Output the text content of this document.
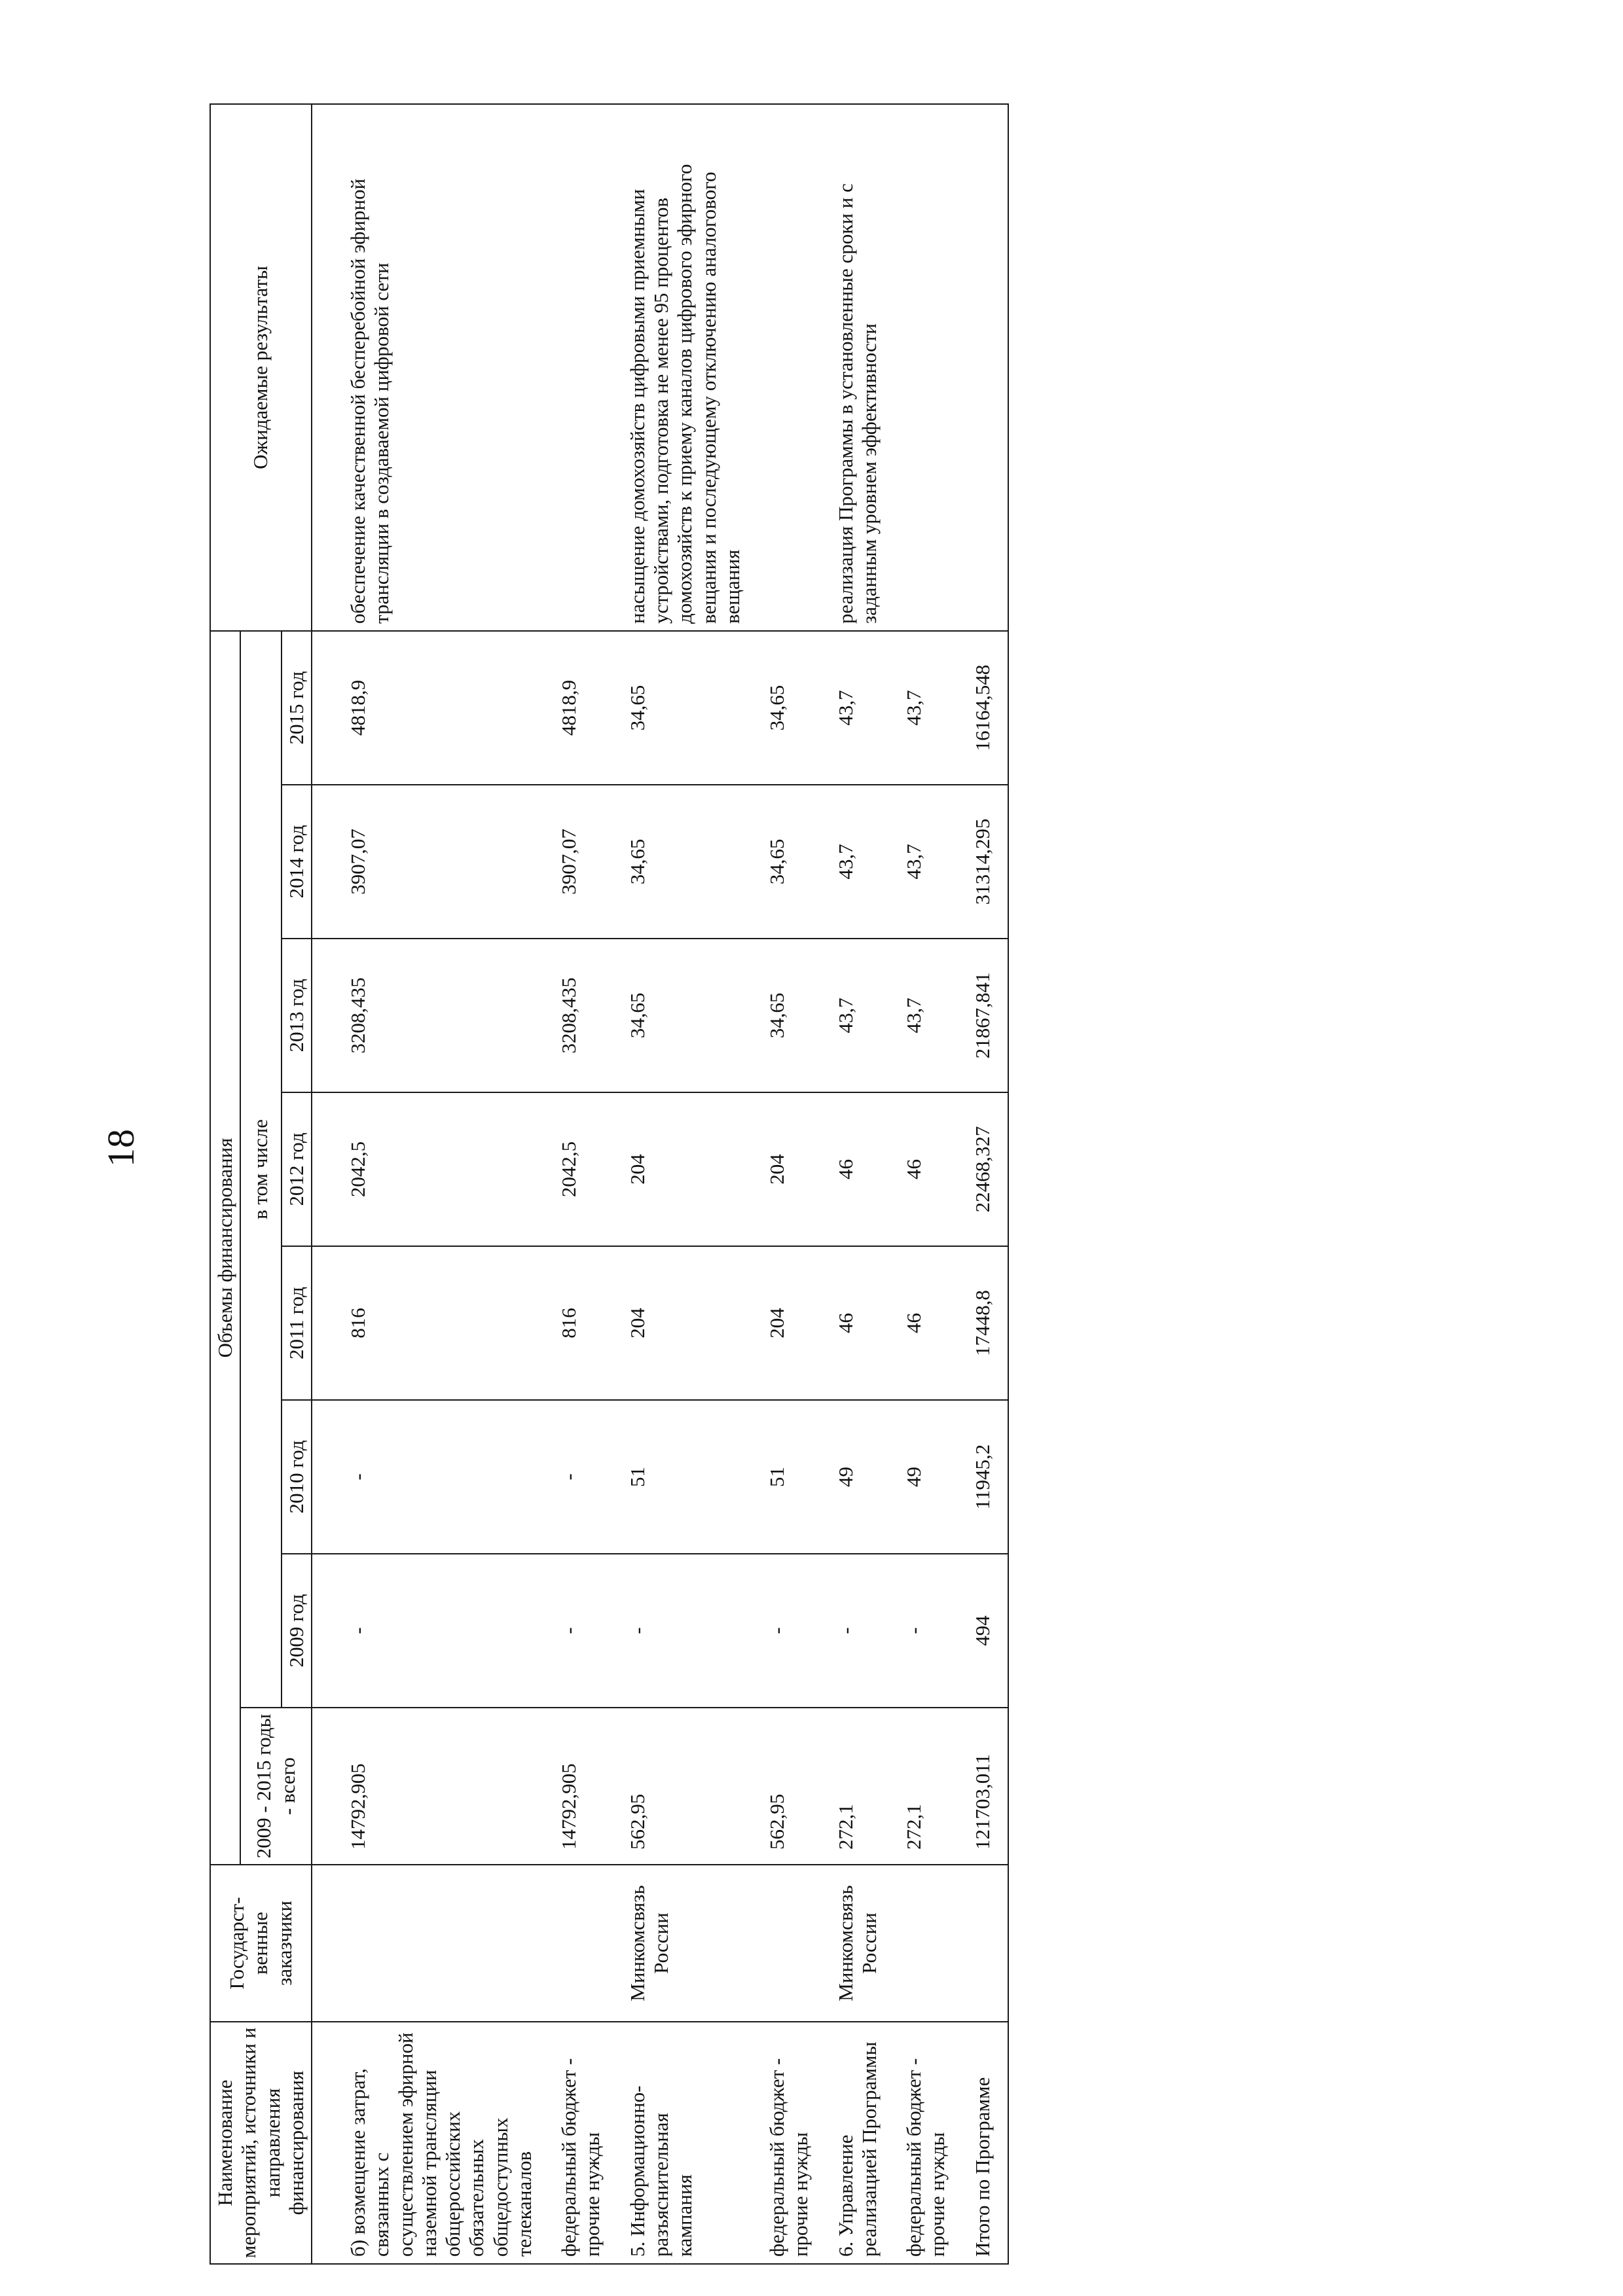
18
Наименование мероприятий, источники и направления финансирования	Государст-венные заказчики	Объемы финансирования								Ожидаемые результаты
		2009 - 2015 годы - всего	в том числе							
			2009 год	2010 год	2011 год	2012 год	2013 год	2014 год	2015 год	

б) возмещение затрат, связанных с осуществлением эфирной наземной трансляции общероссийских обязательных общедоступных телеканалов		14792,905	-	-	816	2042,5	3208,435	3907,07	4818,9	обеспечение качественной бесперебойной эфирной трансляции в создаваемой цифровой сети
федеральный бюджет - прочие нужды		14792,905	-	-	816	2042,5	3208,435	3907,07	4818,9	
5. Информационно-разъяснительная кампания	Минкомсвязь России	562,95	-	51	204	204	34,65	34,65	34,65	насыщение домохозяйств цифровыми приемными устройствами, подготовка не менее 95 процентов домохозяйств к приему каналов цифрового эфирного вещания и последующему отключению аналогового вещания
федеральный бюджет - прочие нужды		562,95	-	51	204	204	34,65	34,65	34,65	
6. Управление реализацией Программы	Минкомсвязь России	272,1	-	49	46	46	43,7	43,7	43,7	реализация Программы в установленные сроки и с заданным уровнем эффективности
федеральный бюджет - прочие нужды		272,1	-	49	46	46	43,7	43,7	43,7	
Итого по Программе		121703,011	494	11945,2	17448,8	22468,327	21867,841	31314,295	16164,548	
